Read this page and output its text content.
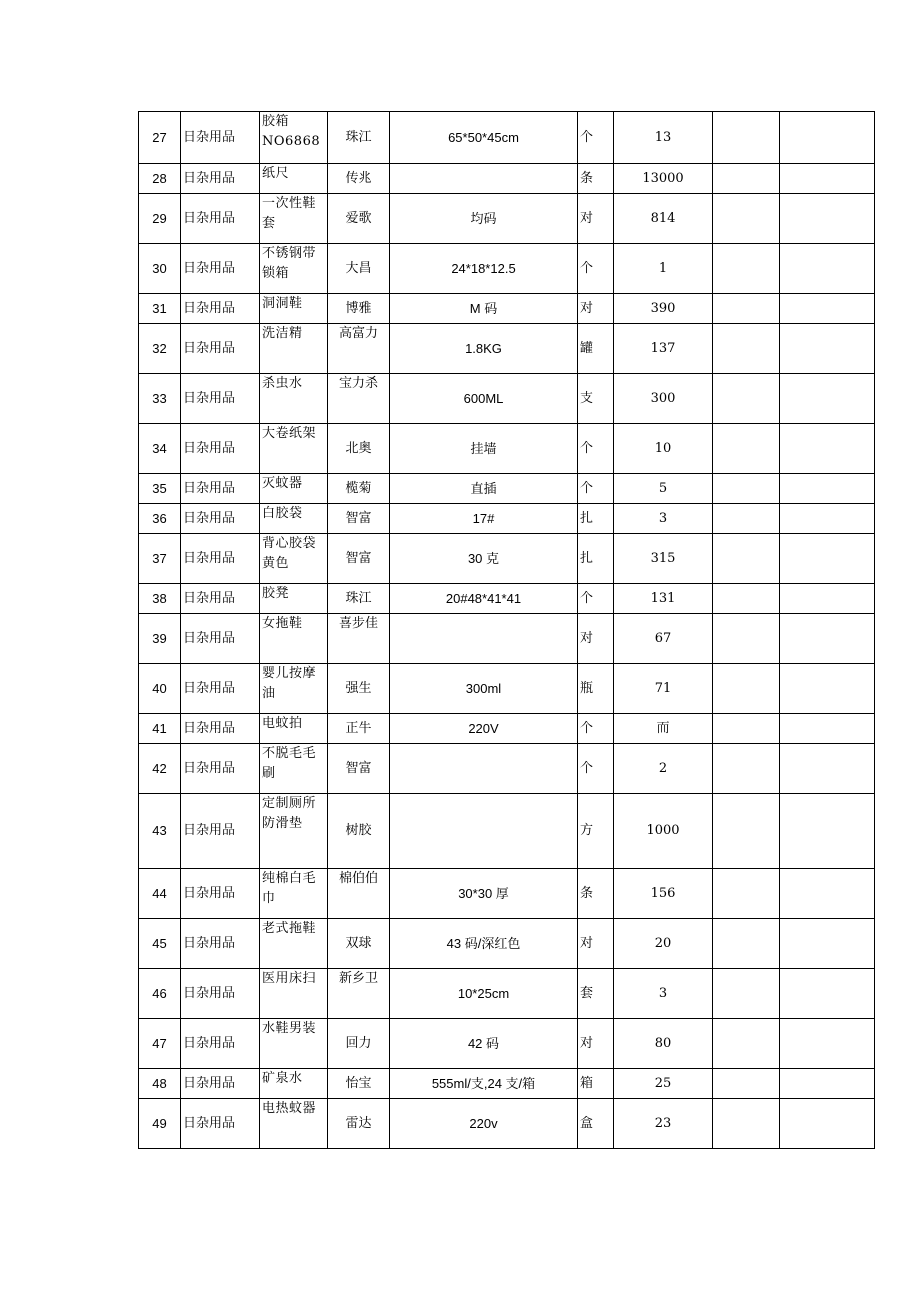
27	日杂用品	胶箱 NO6868	珠江	65*50*45cm	个	13		
28	日杂用品	纸尺	传兆		条	13000		
29	日杂用品	一次性鞋套	爱歌	均码	对	814		
30	日杂用品	不锈钢带锁箱	大昌	24*18*12.5	个	1		
31	日杂用品	洞洞鞋	博雅	M 码	对	390		
32	日杂用品	洗洁精	高富力	1.8KG	罐	137		
33	日杂用品	杀虫水	宝力杀	600ML	支	300		
34	日杂用品	大卷纸架	北奥	挂墙	个	10		
35	日杂用品	灭蚊器	榄菊	直插	个	5		
36	日杂用品	白胶袋	智富	17#	扎	3		
37	日杂用品	背心胶袋黄色	智富	30 克	扎	315		
38	日杂用品	胶凳	珠江	20#48*41*41	个	131		
39	日杂用品	女拖鞋	喜步佳		对	67		
40	日杂用品	婴儿按摩油	强生	300ml	瓶	71		
41	日杂用品	电蚊拍	正牛	220V	个	而		
42	日杂用品	不脱毛毛刷	智富		个	2		
43	日杂用品	定制厕所防滑垫	树胶		方	1000		
44	日杂用品	纯棉白毛巾	棉伯伯	30*30 厚	条	156		
45	日杂用品	老式拖鞋	双球	43 码/深红色	对	20		
46	日杂用品	医用床扫	新乡卫	10*25cm	套	3		
47	日杂用品	水鞋男装	回力	42 码	对	80		
48	日杂用品	矿泉水	怡宝	555ml/支,24 支/箱	箱	25		
49	日杂用品	电热蚊器	雷达	220v	盒	23		
